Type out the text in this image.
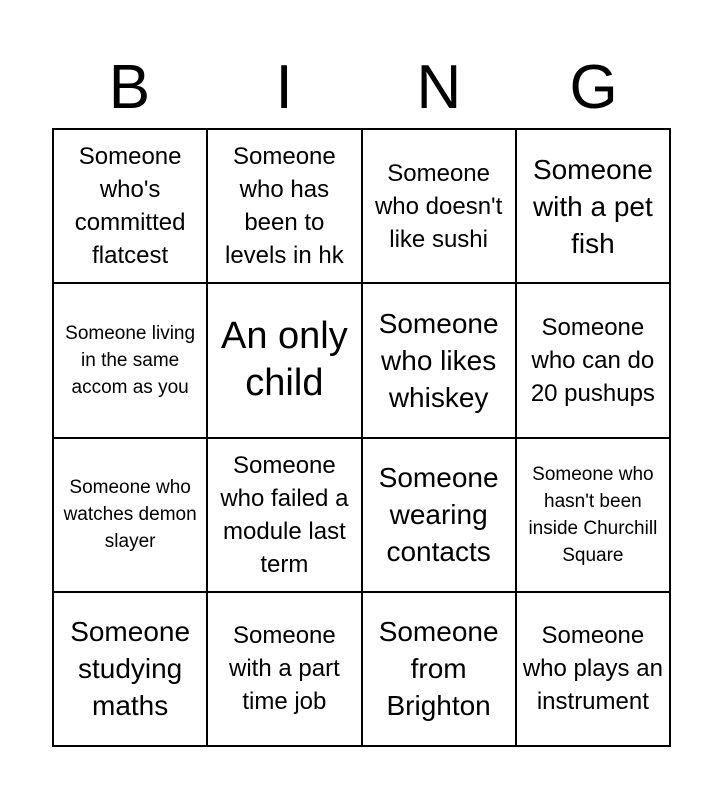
B	I	N	G
Someone who's committed flatcest
Someone who has been to levels in hk
Someone who doesn't like sushi
Someone with a pet fish
Someone living in the same accom as you
An only child
Someone who likes whiskey
Someone who can do 20 pushups
Someone who watches demon slayer
Someone who failed a module last term
Someone wearing contacts
Someone who hasn't been inside Churchill Square
Someone studying maths
Someone with a part time job
Someone from Brighton
Someone who plays an instrument
